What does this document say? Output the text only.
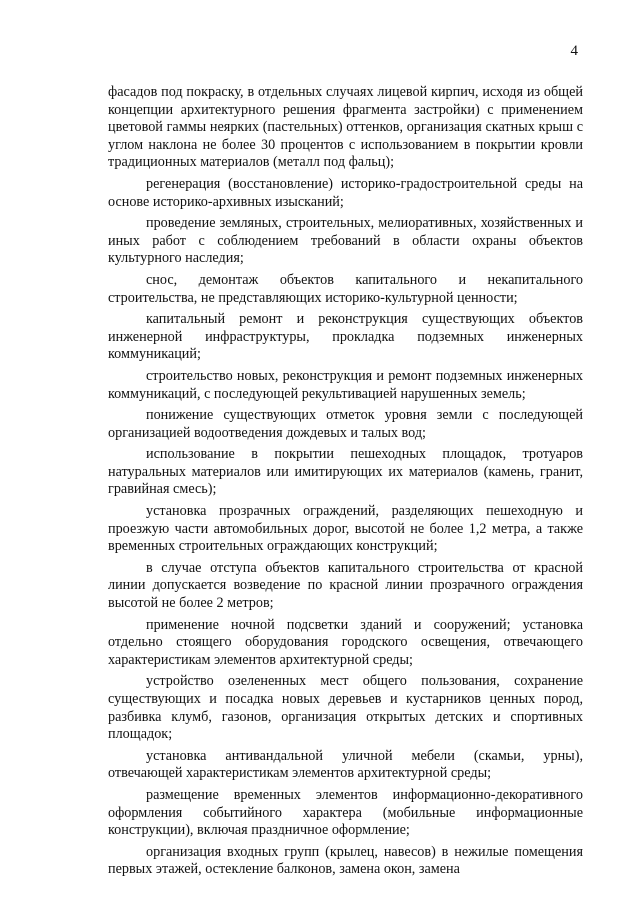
4

фасадов под покраску, в отдельных случаях лицевой кирпич, исходя из общей концепции архитектурного решения фрагмента застройки) с применением цветовой гаммы неярких (пастельных) оттенков, организация скатных крыш с углом наклона не более 30 процентов с использованием в покрытии кровли традиционных материалов (металл под фальц);

регенерация (восстановление) историко-градостроительной среды на основе историко-архивных изысканий;

проведение земляных, строительных, мелиоративных, хозяйственных и иных работ с соблюдением требований в области охраны объектов культурного наследия;

снос, демонтаж объектов капитального и некапитального строительства, не представляющих историко-культурной ценности;

капитальный ремонт и реконструкция существующих объектов инженерной инфраструктуры, прокладка подземных инженерных коммуникаций;

строительство новых, реконструкция и ремонт подземных инженерных коммуникаций, с последующей рекультивацией нарушенных земель;

понижение существующих отметок уровня земли с последующей организацией водоотведения дождевых и талых вод;

использование в покрытии пешеходных площадок, тротуаров натуральных материалов или имитирующих их материалов (камень, гранит, гравийная смесь);

установка прозрачных ограждений, разделяющих пешеходную и проезжую части автомобильных дорог, высотой не более 1,2 метра, а также временных строительных ограждающих конструкций;

в случае отступа объектов капитального строительства от красной линии допускается возведение по красной линии прозрачного ограждения высотой не более 2 метров;

применение ночной подсветки зданий и сооружений; установка отдельно стоящего оборудования городского освещения, отвечающего характеристикам элементов архитектурной среды;

устройство озелененных мест общего пользования, сохранение существующих и посадка новых деревьев и кустарников ценных пород, разбивка клумб, газонов, организация открытых детских и спортивных площадок;

установка антивандальной уличной мебели (скамьи, урны), отвечающей характеристикам элементов архитектурной среды;

размещение временных элементов информационно-декоративного оформления событийного характера (мобильные информационные конструкции), включая праздничное оформление;

организация входных групп (крылец, навесов) в нежилые помещения первых этажей, остекление балконов, замена окон, замена
